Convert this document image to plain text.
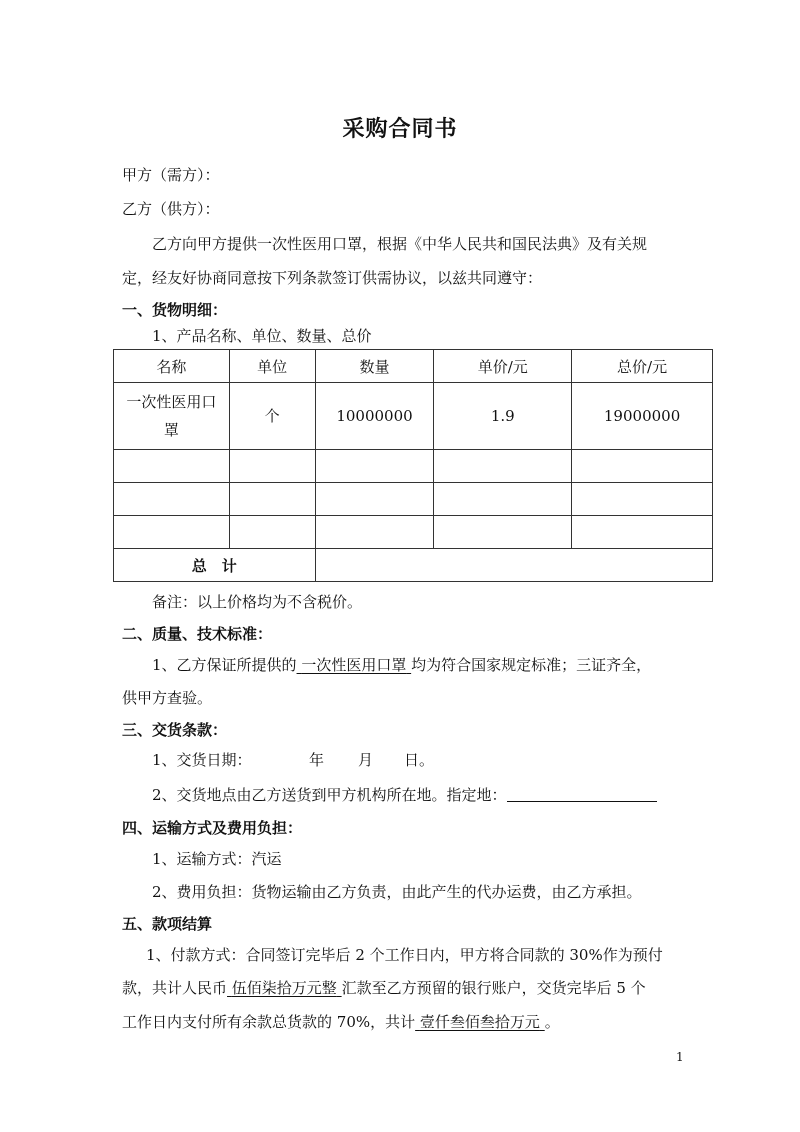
采购合同书
甲方（需方）：
乙方（供方）：
乙方向甲方提供一次性医用口罩，根据《中华人民共和国民法典》及有关规
定，经友好协商同意按下列条款签订供需协议，以兹共同遵守：
一、货物明细：
1、产品名称、单位、数量、总价
名称	单位	数量	单价/元	总价/元

一次性医用口
罩	个	10000000	1.9	19000000

总　计				
备注：以上价格均为不含税价。
二、质量、技术标准：
1、乙方保证所提供的 一次性医用口罩 均为符合国家规定标准；三证齐全，
供甲方查验。
三、交货条款：
1、交货日期：	年 月 日。
2、交货地点由乙方送货到甲方机构所在地。指定地：
四、运输方式及费用负担：
1、运输方式：汽运
2、费用负担：货物运输由乙方负责，由此产生的代办运费，由乙方承担。
五、款项结算
1、付款方式：合同签订完毕后 2 个工作日内，甲方将合同款的 30%作为预付
款，共计人民币 伍佰柒拾万元整 汇款至乙方预留的银行账户，交货完毕后 5 个
工作日内支付所有余款总货款的 70%，共计 壹仟叁佰叁拾万元 。
1
